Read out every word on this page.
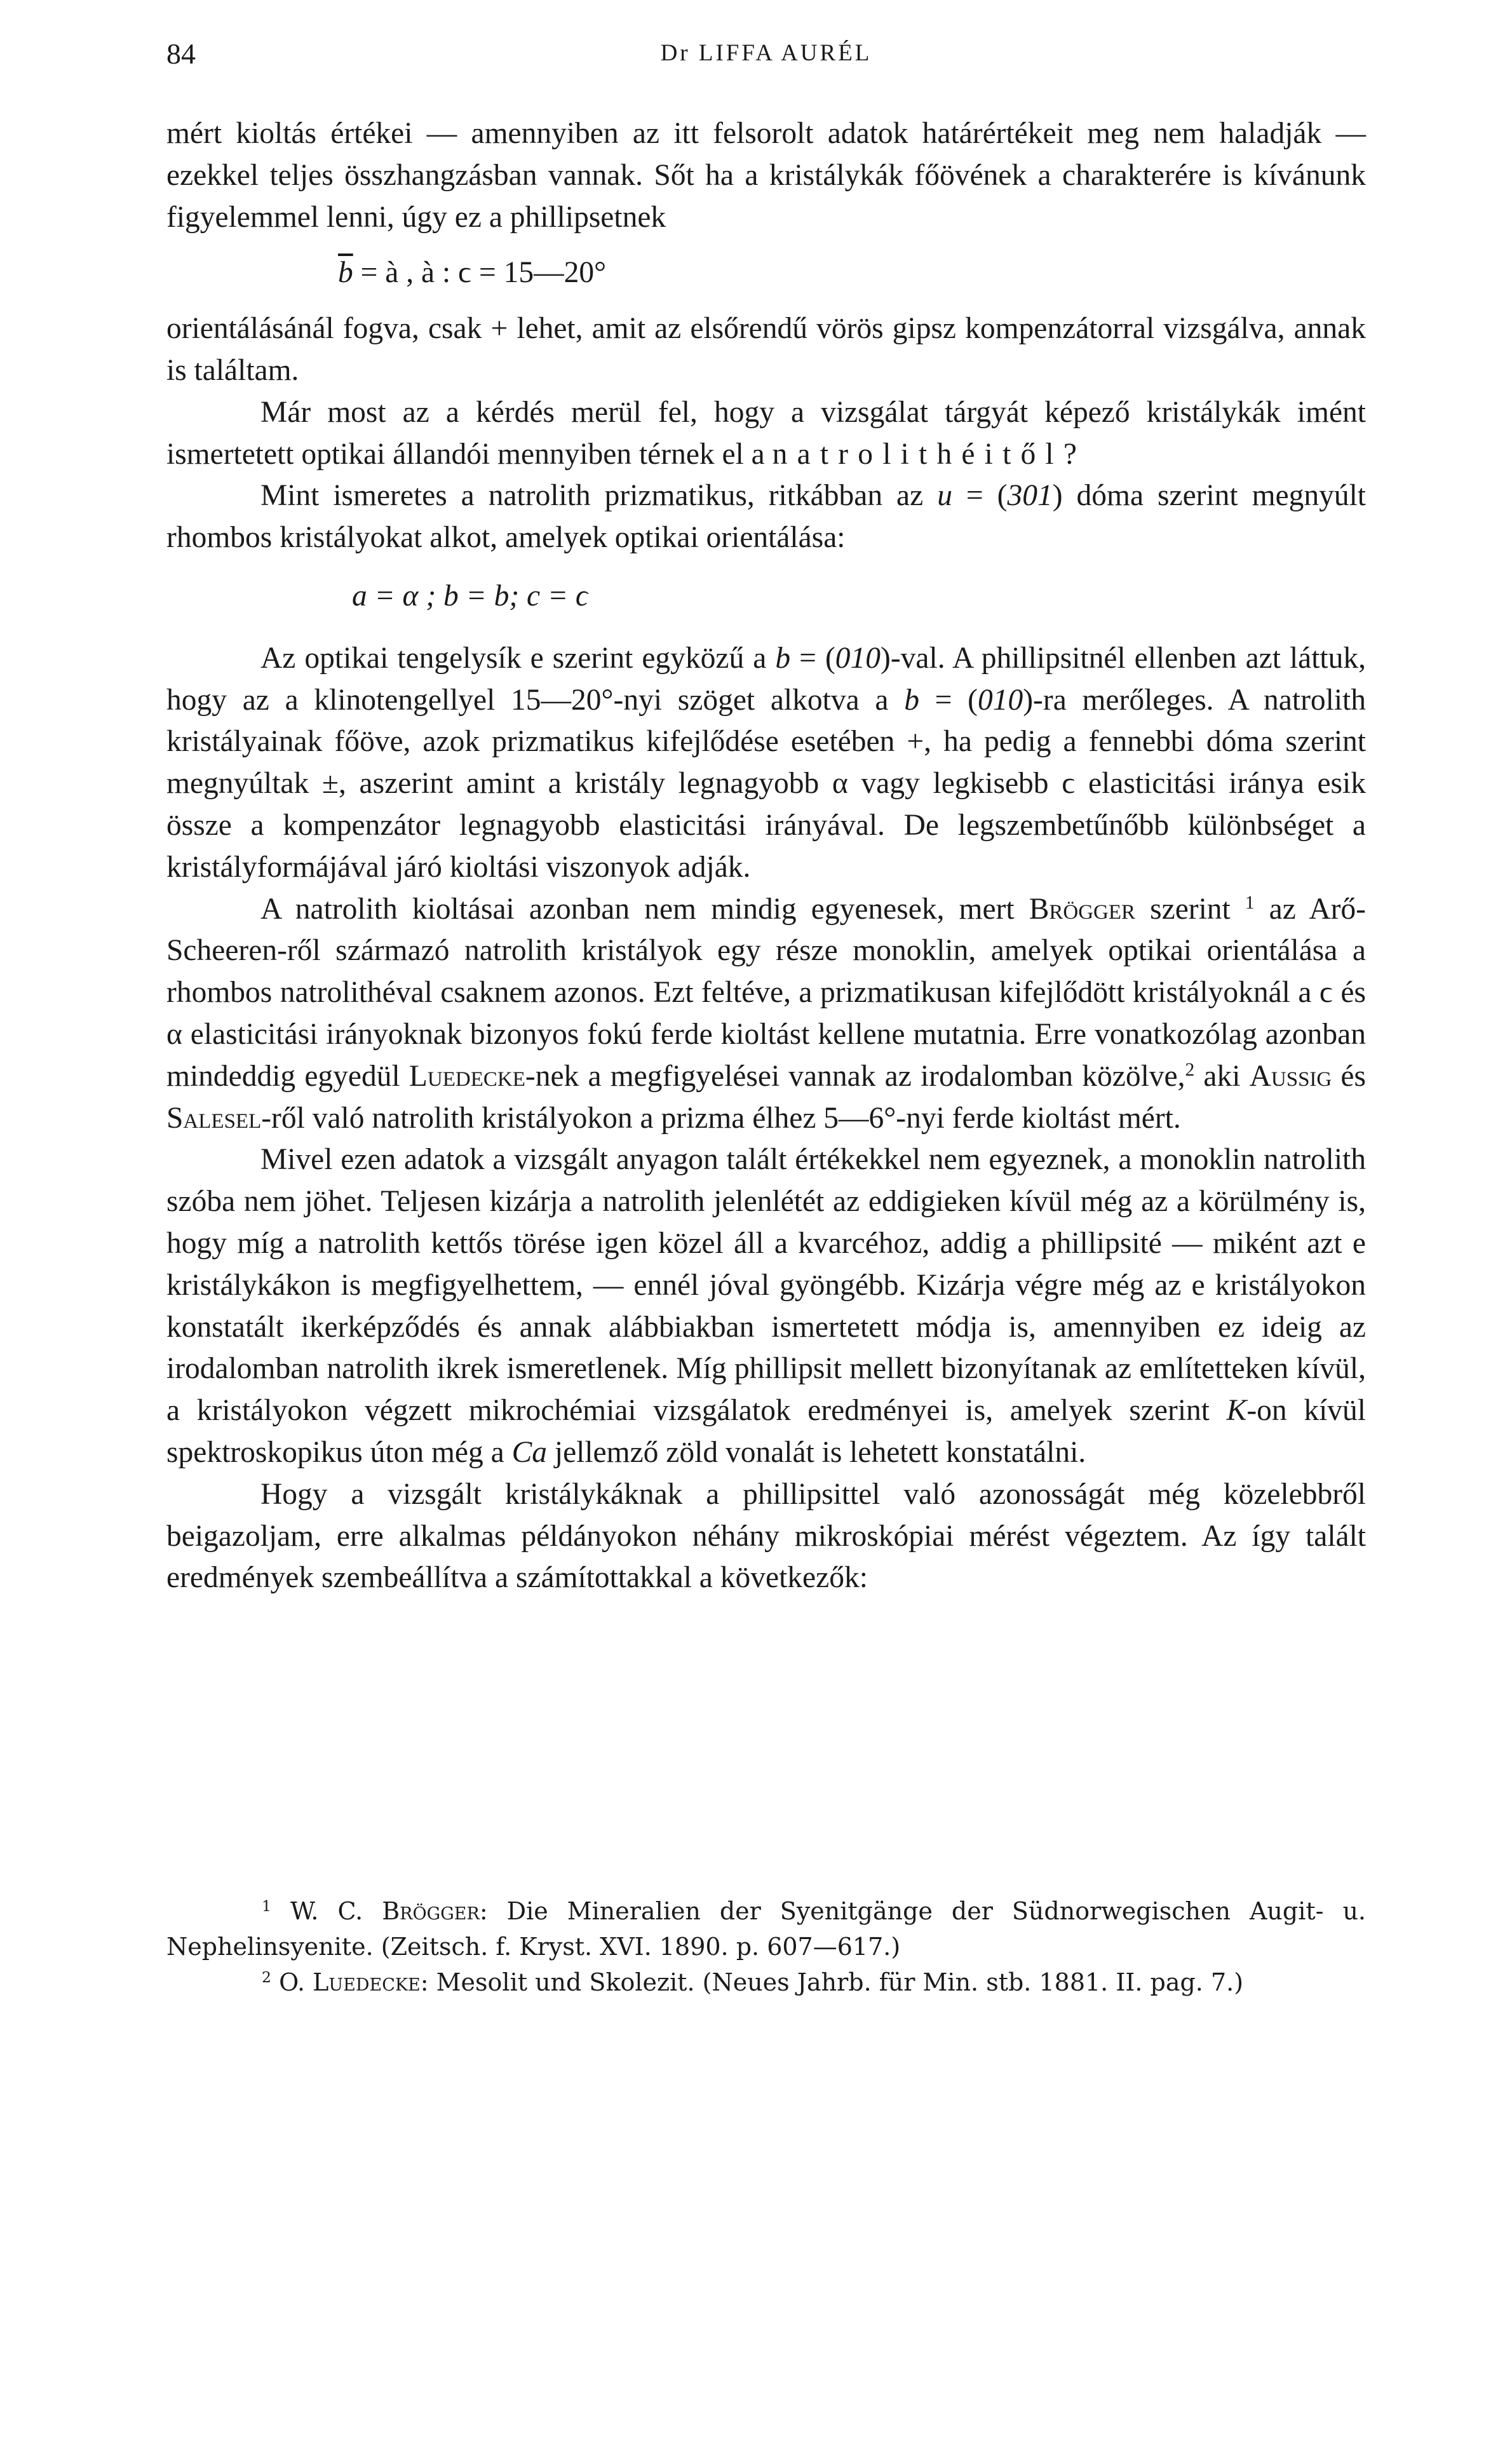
84	Dr LIFFA AURÉL

mért kioltás értékei — amennyiben az itt felsorolt adatok határértékeit meg nem haladják — ezekkel teljes összhangzásban vannak. Sőt ha a kristálykák főövének a charakterére is kívánunk figyelemmel lenni, úgy ez a phillipsetnek

$\overline{b}$ = à , à : ϲ = 15—20°

orientálásánál fogva, csak + lehet, amit az elsőrendű vörös gipsz kompenzátorral vizsgálva, annak is találtam.

Már most az a kérdés merül fel, hogy a vizsgálat tárgyát képező kristálykák imént ismertetett optikai állandói mennyiben térnek el a natrolithéitől?

Mint ismeretes a natrolith prizmatikus, ritkábban az u = (301) dóma szerint megnyúlt rhombos kristályokat alkot, amelyek optikai orientálása:

a = α ; b = b; c = ϲ

Az optikai tengelysík e szerint egyközű a b = (010)-val. A phillipsitnél ellenben azt láttuk, hogy az a klinotengellyel 15—20°-nyi szöget alkotva a b = (010)-ra merőleges. A natrolith kristályainak főöve, azok prizmatikus kifejlődése esetében +, ha pedig a fennebbi dóma szerint megnyúltak ±, aszerint amint a kristály legnagyobb α vagy legkisebb ϲ elasticitási iránya esik össze a kompenzátor legnagyobb elasticitási irányával. De legszembetűnőbb különbséget a kristályformájával járó kioltási viszonyok adják.

A natrolith kioltásai azonban nem mindig egyenesek, mert Brögger szerint $^1$ az Arő-Scheeren-ről származó natrolith kristályok egy része monoklin, amelyek optikai orientálása a rhombos natrolithéval csaknem azonos. Ezt feltéve, a prizmatikusan kifejlődött kristályoknál a ϲ és α elasticitási irányoknak bizonyos fokú ferde kioltást kellene mutatnia. Erre vonatkozólag azonban mindeddig egyedül Luedecke-nek a megfigyelései vannak az irodalomban közölve,$^2$ aki Aussig és Salesel-ről való natrolith kristályokon a prizma élhez 5—6°-nyi ferde kioltást mért.

Mivel ezen adatok a vizsgált anyagon talált értékekkel nem egyeznek, a monoklin natrolith szóba nem jöhet. Teljesen kizárja a natrolith jelenlétét az eddigieken kívül még az a körülmény is, hogy míg a natrolith kettős törése igen közel áll a kvarcéhoz, addig a phillipsité — miként azt e kristálykákon is megfigyelhettem, — ennél jóval gyöngébb. Kizárja végre még az e kristályokon konstatált ikerképződés és annak alábbiakban ismertetett módja is, amennyiben ez ideig az irodalomban natrolith ikrek ismeretlenek. Míg phillipsit mellett bizonyítanak az említetteken kívül, a kristályokon végzett mikrochémiai vizsgálatok eredményei is, amelyek szerint K-on kívül spektroskopikus úton még a Ca jellemző zöld vonalát is lehetett konstatálni.

Hogy a vizsgált kristálykáknak a phillipsittel való azonosságát még közelebbről beigazoljam, erre alkalmas példányokon néhány mikroskópiai mérést végeztem. Az így talált eredmények szembeállítva a számítottakkal a következők:

$^1$ W. C. Brögger: Die Mineralien der Syenitgänge der Südnorwegischen Augit- u. Nephelinsyenite. (Zeitsch. f. Kryst. XVI. 1890. p. 607—617.)

$^2$ O. Luedecke: Mesolit und Skolezit. (Neues Jahrb. für Min. stb. 1881. II. pag. 7.)
